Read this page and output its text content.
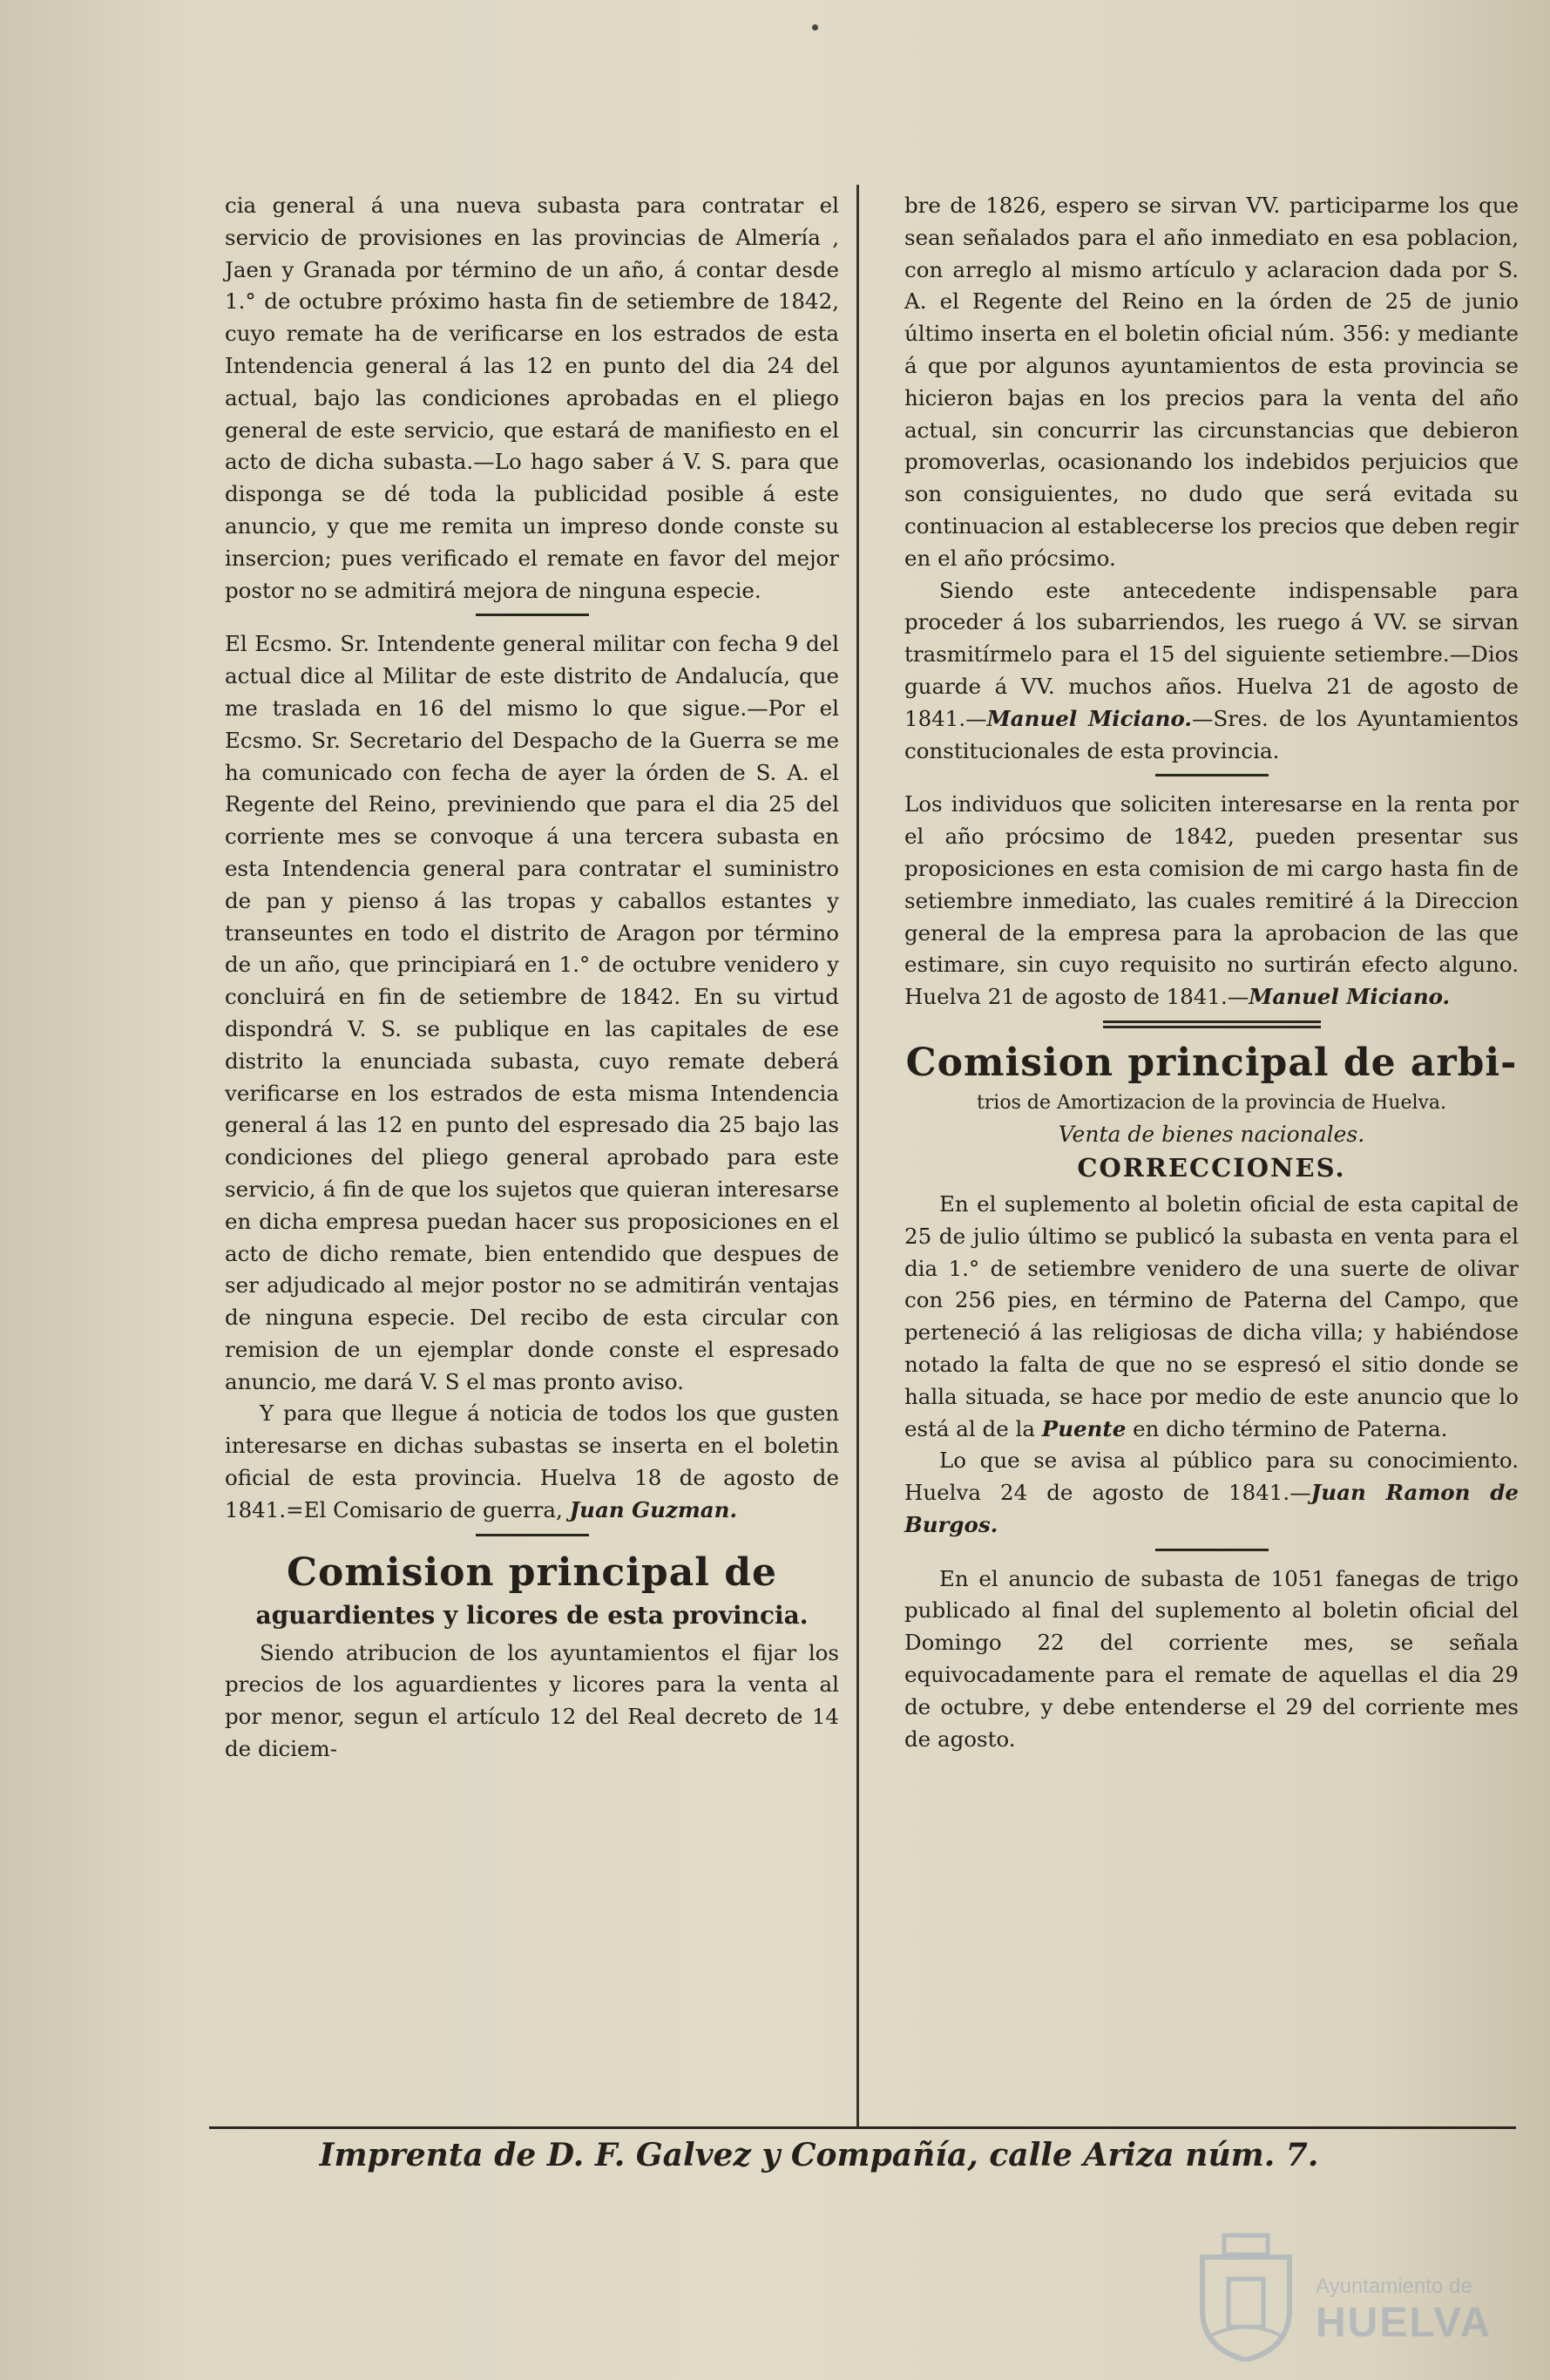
cia general á una nueva subasta para contratar el servicio de provisiones en las provincias de Almería , Jaen y Granada por término de un año, á contar desde 1.° de octubre próximo hasta fin de setiembre de 1842, cuyo remate ha de verificarse en los estrados de esta Intendencia general á las 12 en punto del dia 24 del actual, bajo las condiciones aprobadas en el pliego general de este servicio, que estará de manifiesto en el acto de dicha subasta.—Lo hago saber á V. S. para que disponga se dé toda la publicidad posible á este anuncio, y que me remita un impreso donde conste su insercion; pues verificado el remate en favor del mejor postor no se admitirá mejora de ninguna especie.

El Ecsmo. Sr. Intendente general militar con fecha 9 del actual dice al Militar de este distrito de Andalucía, que me traslada en 16 del mismo lo que sigue.—Por el Ecsmo. Sr. Secretario del Despacho de la Guerra se me ha comunicado con fecha de ayer la órden de S. A. el Regente del Reino, previniendo que para el dia 25 del corriente mes se convoque á una tercera subasta en esta Intendencia general para contratar el suministro de pan y pienso á las tropas y caballos estantes y transeuntes en todo el distrito de Aragon por término de un año, que principiará en 1.° de octubre venidero y concluirá en fin de setiembre de 1842. En su virtud dispondrá V. S. se publique en las capitales de ese distrito la enunciada subasta, cuyo remate deberá verificarse en los estrados de esta misma Intendencia general á las 12 en punto del espresado dia 25 bajo las condiciones del pliego general aprobado para este servicio, á fin de que los sujetos que quieran interesarse en dicha empresa puedan hacer sus proposiciones en el acto de dicho remate, bien entendido que despues de ser adjudicado al mejor postor no se admitirán ventajas de ninguna especie. Del recibo de esta circular con remision de un ejemplar donde conste el espresado anuncio, me dará V. S el mas pronto aviso.

Y para que llegue á noticia de todos los que gusten interesarse en dichas subastas se inserta en el boletin oficial de esta provincia. Huelva 18 de agosto de 1841.=El Comisario de guerra, Juan Guzman.

Comision principal de
aguardientes y licores de esta provincia.

Siendo atribucion de los ayuntamientos el fijar los precios de los aguardientes y licores para la venta al por menor, segun el artículo 12 del Real decreto de 14 de diciem-

bre de 1826, espero se sirvan VV. participarme los que sean señalados para el año inmediato en esa poblacion, con arreglo al mismo artículo y aclaracion dada por S. A. el Regente del Reino en la órden de 25 de junio último inserta en el boletin oficial núm. 356: y mediante á que por algunos ayuntamientos de esta provincia se hicieron bajas en los precios para la venta del año actual, sin concurrir las circunstancias que debieron promoverlas, ocasionando los indebidos perjuicios que son consiguientes, no dudo que será evitada su continuacion al establecerse los precios que deben regir en el año prócsimo.

Siendo este antecedente indispensable para proceder á los subarriendos, les ruego á VV. se sirvan trasmitírmelo para el 15 del siguiente setiembre.—Dios guarde á VV. muchos años. Huelva 21 de agosto de 1841.—Manuel Miciano.—Sres. de los Ayuntamientos constitucionales de esta provincia.

Los individuos que soliciten interesarse en la renta por el año prócsimo de 1842, pueden presentar sus proposiciones en esta comision de mi cargo hasta fin de setiembre inmediato, las cuales remitiré á la Direccion general de la empresa para la aprobacion de las que estimare, sin cuyo requisito no surtirán efecto alguno. Huelva 21 de agosto de 1841.—Manuel Miciano.

Comision principal de arbi-
trios de Amortizacion de la provincia de Huelva.
Venta de bienes nacionales.
CORRECCIONES.

En el suplemento al boletin oficial de esta capital de 25 de julio último se publicó la subasta en venta para el dia 1.° de setiembre venidero de una suerte de olivar con 256 pies, en término de Paterna del Campo, que perteneció á las religiosas de dicha villa; y habiéndose notado la falta de que no se espresó el sitio donde se halla situada, se hace por medio de este anuncio que lo está al de la Puente en dicho término de Paterna.

Lo que se avisa al público para su conocimiento. Huelva 24 de agosto de 1841.—Juan Ramon de Burgos.

En el anuncio de subasta de 1051 fanegas de trigo publicado al final del suplemento al boletin oficial del Domingo 22 del corriente mes, se señala equivocadamente para el remate de aquellas el dia 29 de octubre, y debe entenderse el 29 del corriente mes de agosto.

Imprenta de D. F. Galvez y Compañía, calle Ariza núm. 7.
Ayuntamiento de
HUELVA
